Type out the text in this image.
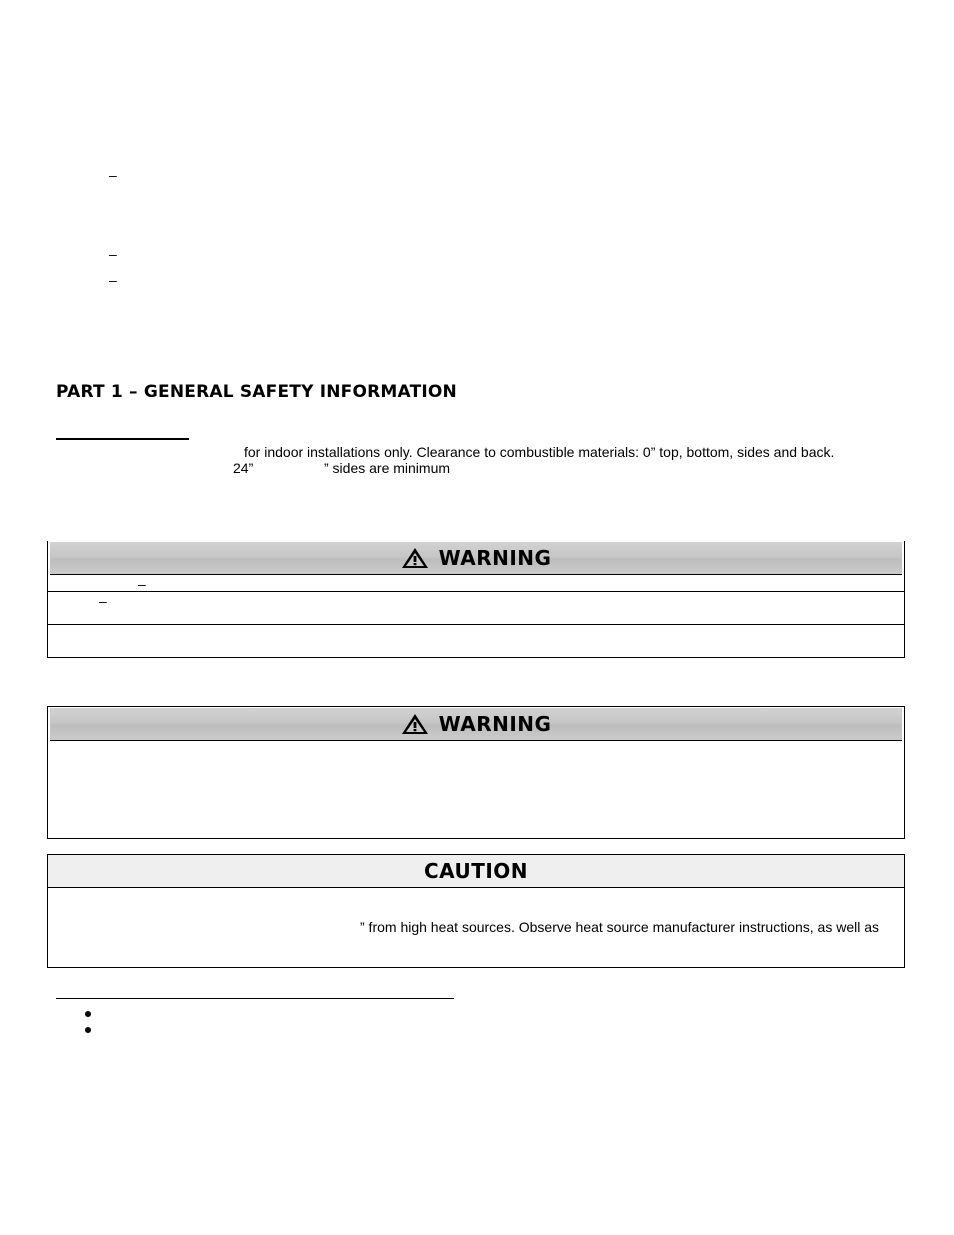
–
–
–
PART 1 – GENERAL SAFETY INFORMATION
for indoor installations only. Clearance to combustible materials: 0” top, bottom, sides and back.
24”	” sides are minimum
WARNING
–
–
WARNING
CAUTION
” from high heat sources. Observe heat source manufacturer instructions, as well as
